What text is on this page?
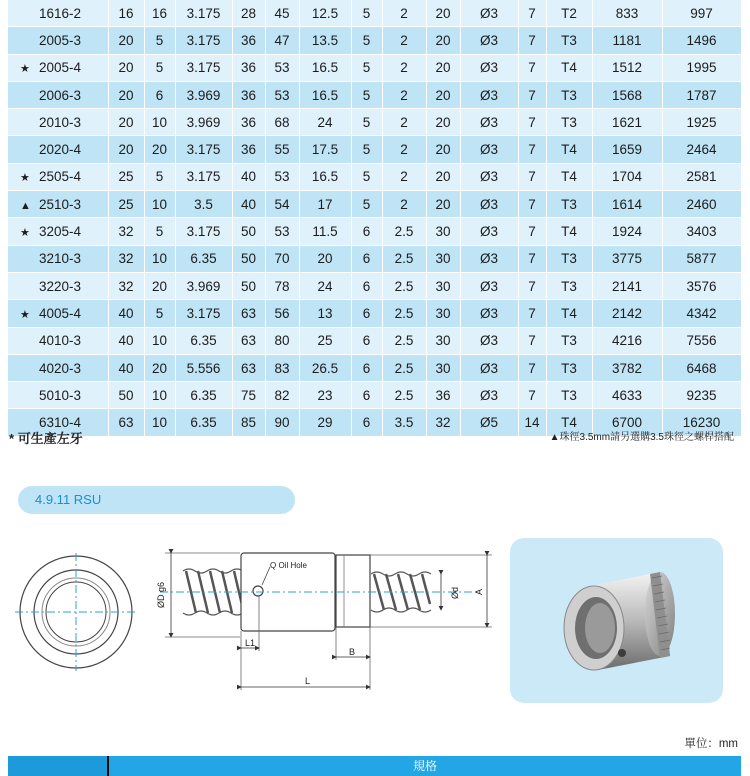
1616-2	16	16	3.175	28	45	12.5	5	2	20	Ø3	7	T2	833	997
2005-3	20	5	3.175	36	47	13.5	5	2	20	Ø3	7	T3	1181	1496
★ 2005-4	20	5	3.175	36	53	16.5	5	2	20	Ø3	7	T4	1512	1995
2006-3	20	6	3.969	36	53	16.5	5	2	20	Ø3	7	T3	1568	1787
2010-3	20	10	3.969	36	68	24	5	2	20	Ø3	7	T3	1621	1925
2020-4	20	20	3.175	36	55	17.5	5	2	20	Ø3	7	T4	1659	2464
★ 2505-4	25	5	3.175	40	53	16.5	5	2	20	Ø3	7	T4	1704	2581
▲ 2510-3	25	10	3.5	40	54	17	5	2	20	Ø3	7	T3	1614	2460
★ 3205-4	32	5	3.175	50	53	11.5	6	2.5	30	Ø3	7	T4	1924	3403
3210-3	32	10	6.35	50	70	20	6	2.5	30	Ø3	7	T3	3775	5877
3220-3	32	20	3.969	50	78	24	6	2.5	30	Ø3	7	T3	2141	3576
★ 4005-4	40	5	3.175	63	56	13	6	2.5	30	Ø3	7	T4	2142	4342
4010-3	40	10	6.35	63	80	25	6	2.5	30	Ø3	7	T3	4216	7556
4020-3	40	20	5.556	63	83	26.5	6	2.5	30	Ø3	7	T3	3782	6468
5010-3	50	10	6.35	75	82	23	6	2.5	36	Ø3	7	T3	4633	9235
6310-4	63	10	6.35	85	90	29	6	3.5	32	Ø5	14	T4	6700	16230
* 可生產左牙	▲珠徑3.5mm請另選購3.5珠徑之螺桿搭配
4.9.11 RSU
Q Oil Hole
ØD g6	Ød A
L1
B
L
單位：mm
規格
